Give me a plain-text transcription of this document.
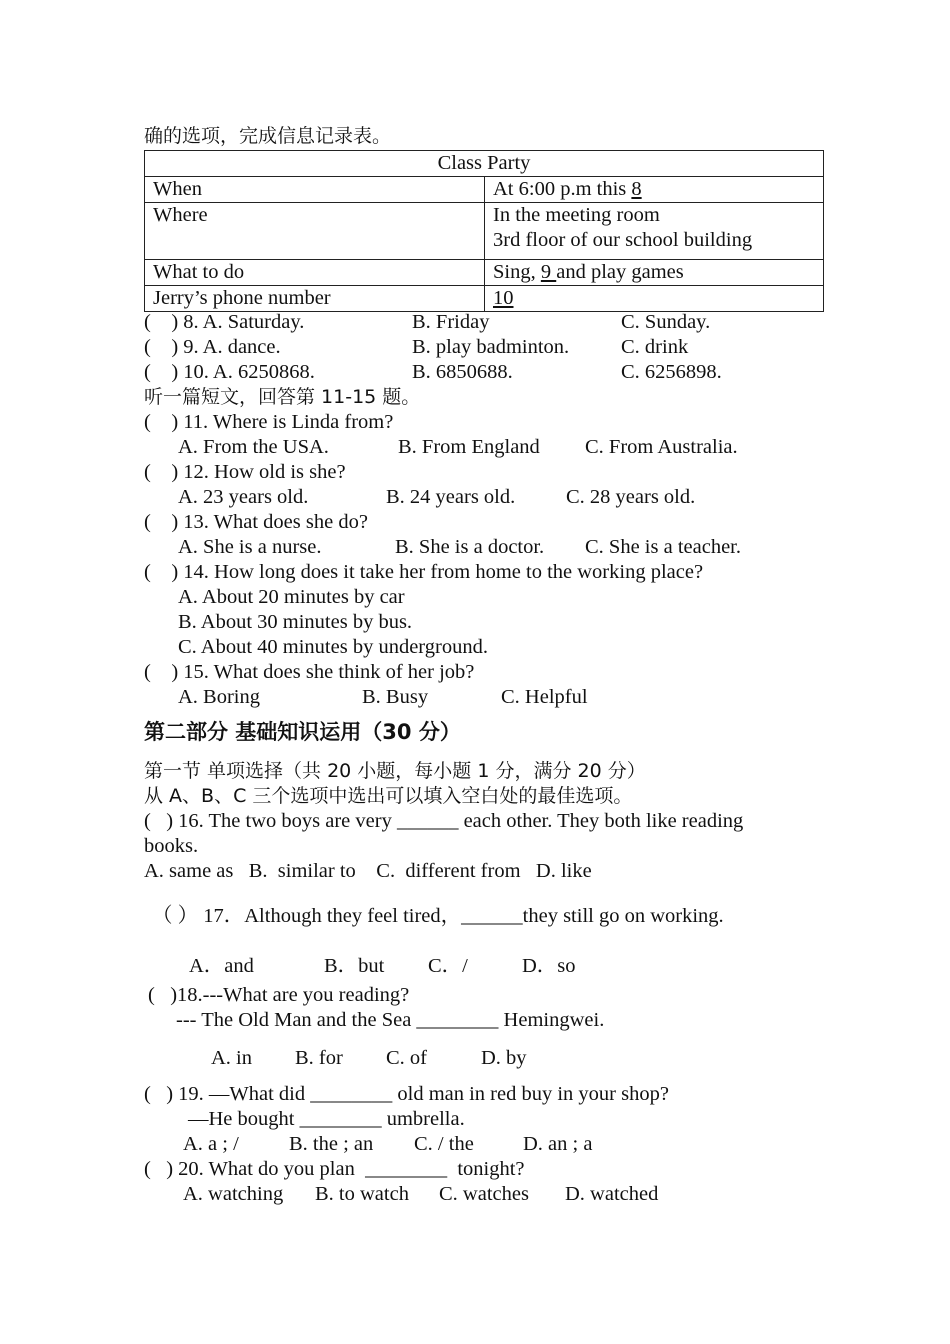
确的选项，完成信息记录表。
Class Party	
When	At 6:00 p.m this 8
Where	In the meeting room
3rd floor of our school building

What to do	Sing, 9 and play games
Jerry’s phone number	10
(    ) 8. A. Saturday.	B. Friday	C. Sunday.
(    ) 9. A. dance.	B. play badminton.	C. drink
(    ) 10. A. 6250868.	B. 6850688.	C. 6256898.
听一篇短文，回答第 11-15 题。
(    ) 11. Where is Linda from?
A. From the USA.	B. From England C. From Australia.
(    ) 12. How old is she?
A. 23 years old.	B. 24 years old. C. 28 years old.
(    ) 13. What does she do?
A. She is a nurse.	B. She is a doctor. C. She is a teacher.
(    ) 14. How long does it take her from home to the working place?
A. About 20 minutes by car
B. About 30 minutes by bus.
C. About 40 minutes by underground.
(    ) 15. What does she think of her job?
A. Boring	B. Busy	C. Helpful
第二部分 基础知识运用（30 分）
第一节 单项选择（共 20 小题，每小题 1 分，满分 20 分）
从 A、B、C 三个选项中选出可以填入空白处的最佳选项。
(   ) 16. The two boys are very ______ each other. They both like reading
books.
A. same as   B.  similar to    C.  different from   D. like
（ ） 17．Although they feel tired，______they still go on working.
A．and	B．but C．/	D．so
(   )18.---What are you reading?
--- The Old Man and the Sea ________ Hemingwei.
A. in B. for C. of	D. by
(   ) 19. —What did ________ old man in red buy in your shop?
—He bought ________ umbrella.
A. a ; / B. the ; an C. / the D. an ; a
(   ) 20. What do you plan  ________  tonight?
A. watching B. to watch C. watches D. watched
